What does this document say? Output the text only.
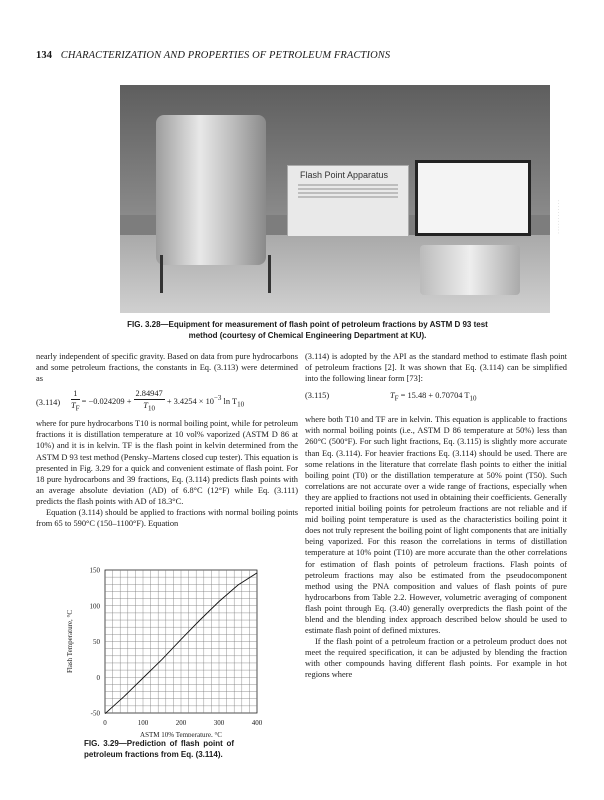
134 CHARACTERIZATION AND PROPERTIES OF PETROLEUM FRACTIONS
Flash Point Apparatus
· · · · · · · · · · · ·
FIG. 3.28—Equipment for measurement of flash point of petroleum fractions by ASTM D 93 test method (courtesy of Chemical Engineering Department at KU).

nearly independent of specific gravity. Based on data from pure hydrocarbons and some petroleum fractions, the constants in Eq. (3.113) were determined as

$(3.114) \frac{1}{T_F} = -0.024209 + \frac{2.84947}{T_{10}} + 3.4254 \times 10^{-3}$ $\ln T_{10}$

where for pure hydrocarbons T10 is normal boiling point, while for petroleum fractions it is distillation temperature at 10 vol% vaporized (ASTM D 86 at 10%) and it is in kelvin. TF is the flash point in kelvin determined from the ASTM D 93 test method (Pensky–Martens closed cup tester). This equation is presented in Fig. 3.29 for a quick and convenient estimate of flash point. For 18 pure hydrocarbons and 39 fractions, Eq. (3.114) predicts flash points with an average absolute deviation (AD) of 6.8°C (12°F) while Eq. (3.111) predicts the flash points with AD of 18.3°C.

Equation (3.114) should be applied to fractions with normal boiling points from 65 to 590°C (150–1100°F). Equation

0	100	200	300	400
150
100
50
0
-50
ASTM 10% Temperature, °C
Flash Temperature, °C
FIG. 3.29—Prediction of flash point of petroleum fractions from Eq. (3.114).

(3.114) is adopted by the API as the standard method to estimate flash point of petroleum fractions [2]. It was shown that Eq. (3.114) can be simplified into the following linear form [73]:

(3.115)	$T_F = 15.48 + 0.70704$ $T_{10}$

where both T10 and TF are in kelvin. This equation is applicable to fractions with normal boiling points (i.e., ASTM D 86 temperature at 50%) less than 260°C (500°F). For such light fractions, Eq. (3.115) is slightly more accurate than Eq. (3.114). For heavier fractions Eq. (3.114) should be used. There are some relations in the literature that correlate flash points to either the initial boiling point (T0) or the distillation temperature at 50% point (T50). Such correlations are not accurate over a wide range of fractions, especially when they are applied to fractions not used in obtaining their coefficients. Generally reported initial boiling points for petroleum fractions are not reliable and if mid boiling point temperature is used as the characteristics boiling point it does not truly represent the boiling point of light components that are initially being vaporized. For this reason the correlations in terms of distillation temperature at 10% point (T10) are more accurate than the other correlations for estimation of flash points of petroleum fractions. Flash points of petroleum fractions may also be estimated from the pseudocomponent method using the PNA composition and values of flash points of pure hydrocarbons from Table 2.2. However, volumetric averaging of component flash point through Eq. (3.40) generally overpredicts the flash point of the blend and the blending index approach described below should be used to estimate flash point of defined mixtures.

If the flash point of a petroleum fraction or a petroleum product does not meet the required specification, it can be adjusted by blending the fraction with other compounds having different flash points. For example in hot regions where
